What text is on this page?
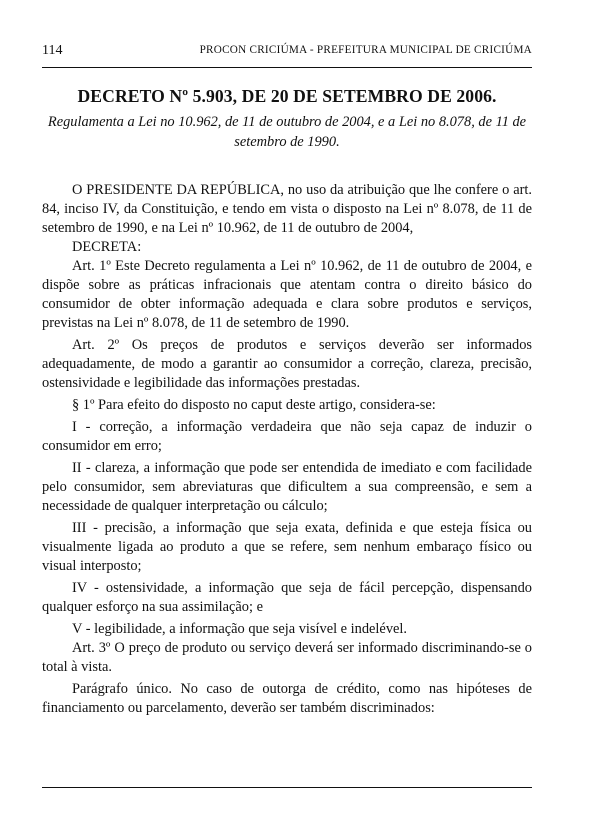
114	PROCON CRICIÚMA - PREFEITURA MUNICIPAL DE CRICIÚMA
DECRETO Nº 5.903, DE 20 DE SETEMBRO DE 2006.
Regulamenta a Lei no 10.962, de 11 de outubro de 2004, e a Lei no 8.078, de 11 de setembro de 1990.

O PRESIDENTE DA REPÚBLICA, no uso da atribuição que lhe confere o art. 84, inciso IV, da Constituição, e tendo em vista o disposto na Lei nº 8.078, de 11 de setembro de 1990, e na Lei nº 10.962, de 11 de outubro de 2004,

DECRETA:

Art. 1º Este Decreto regulamenta a Lei nº 10.962, de 11 de outubro de 2004, e dispõe sobre as práticas infracionais que atentam contra o direito básico do consumidor de obter informação adequada e clara sobre produtos e serviços, previstas na Lei nº 8.078, de 11 de setembro de 1990.

Art. 2º Os preços de produtos e serviços deverão ser informados adequadamente, de modo a garantir ao consumidor a correção, clareza, precisão, ostensividade e legibilidade das informações prestadas.

§ 1º Para efeito do disposto no caput deste artigo, considera-se:

I - correção, a informação verdadeira que não seja capaz de induzir o consumidor em erro;

II - clareza, a informação que pode ser entendida de imediato e com facilidade pelo consumidor, sem abreviaturas que dificultem a sua compreensão, e sem a necessidade de qualquer interpretação ou cálculo;

III - precisão, a informação que seja exata, definida e que esteja física ou visualmente ligada ao produto a que se refere, sem nenhum embaraço físico ou visual interposto;

IV - ostensividade, a informação que seja de fácil percepção, dispensando qualquer esforço na sua assimilação; e

V - legibilidade, a informação que seja visível e indelével.

Art. 3º O preço de produto ou serviço deverá ser informado discriminando-se o total à vista.

Parágrafo único. No caso de outorga de crédito, como nas hipóteses de financiamento ou parcelamento, deverão ser também discriminados:
